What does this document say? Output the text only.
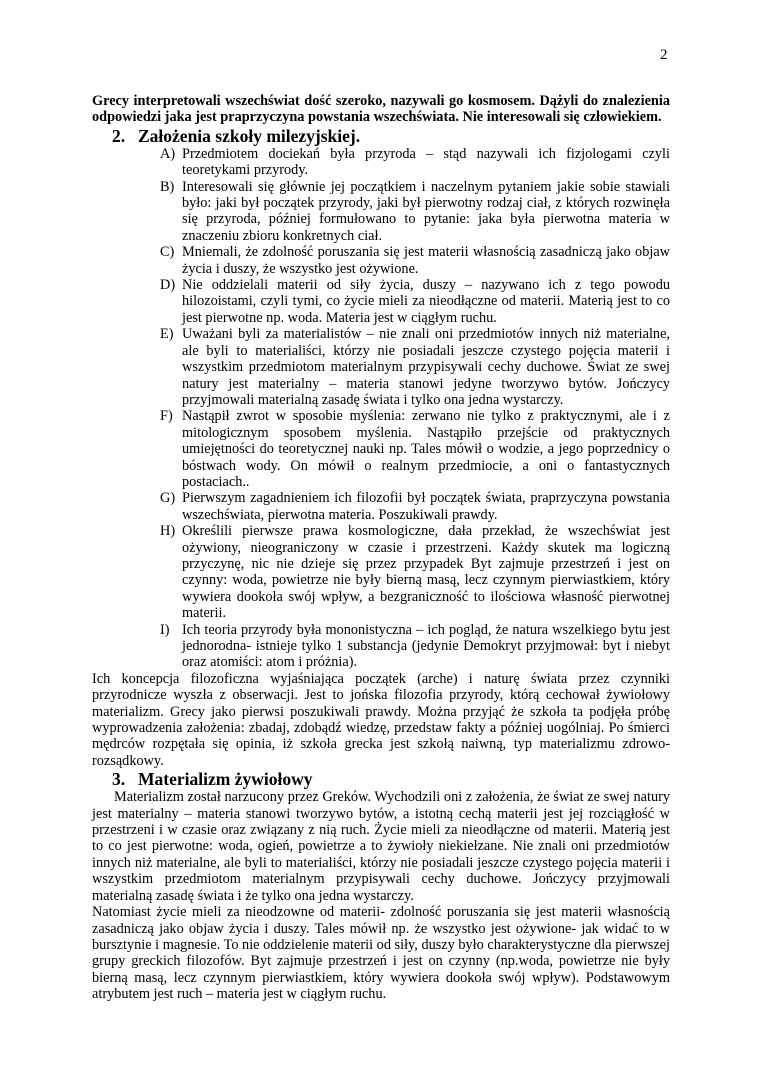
2

Grecy interpretowali wszechświat dość szeroko, nazywali go kosmosem. Dążyli do znalezienia odpowiedzi jaka jest praprzyczyna powstania wszechświata. Nie interesowali się człowiekiem.

2. Założenia szkoły milezyjskiej.
A) Przedmiotem dociekań była przyroda – stąd nazywali ich fizjologami czyli teoretykami przyrody.
B) Interesowali się głównie jej początkiem i naczelnym pytaniem jakie sobie stawiali było: jaki był początek przyrody, jaki był pierwotny rodzaj ciał, z których rozwinęła się przyroda, później formułowano to pytanie: jaka była pierwotna materia w znaczeniu zbioru konkretnych ciał.
C) Mniemali, że zdolność poruszania się jest materii własnością zasadniczą jako objaw życia i duszy, że wszystko jest ożywione.
D) Nie oddzielali materii od siły życia, duszy – nazywano ich z tego powodu hilozoistami, czyli tymi, co życie mieli za nieodłączne od materii. Materią jest to co jest pierwotne np. woda. Materia jest w ciągłym ruchu.
E) Uważani byli za materialistów – nie znali oni przedmiotów innych niż materialne, ale byli to materialiści, którzy nie posiadali jeszcze czystego pojęcia materii i wszystkim przedmiotom materialnym przypisywali cechy duchowe. Świat ze swej natury jest materialny – materia stanowi jedyne tworzywo bytów. Jończycy przyjmowali materialną zasadę świata i tylko ona jedna wystarczy.
F) Nastąpił zwrot w sposobie myślenia: zerwano nie tylko z praktycznymi, ale i z mitologicznym sposobem myślenia. Nastąpiło przejście od praktycznych umiejętności do teoretycznej nauki np. Tales mówił o wodzie, a jego poprzednicy o bóstwach wody. On mówił o realnym przedmiocie, a oni o fantastycznych postaciach..
G) Pierwszym zagadnieniem ich filozofii był początek świata, praprzyczyna powstania wszechświata, pierwotna materia. Poszukiwali prawdy.
H) Określili pierwsze prawa kosmologiczne, dała przekład, że wszechświat jest ożywiony, nieograniczony w czasie i przestrzeni. Każdy skutek ma logiczną przyczynę, nic nie dzieje się przez przypadek Byt zajmuje przestrzeń i jest on czynny: woda, powietrze nie były bierną masą, lecz czynnym pierwiastkiem, który wywiera dookoła swój wpływ, a bezgraniczność to ilościowa własność pierwotnej materii.
I) Ich teoria przyrody była mononistyczna – ich pogląd, że natura wszelkiego bytu jest jednorodna- istnieje tylko 1 substancja (jedynie Demokryt przyjmował: byt i niebyt oraz atomiści: atom i próżnia).

Ich koncepcja filozoficzna wyjaśniająca początek (arche) i naturę świata przez czynniki przyrodnicze wyszła z obserwacji. Jest to jońska filozofia przyrody, którą cechował żywiołowy materializm. Grecy jako pierwsi poszukiwali prawdy. Można przyjąć że szkoła ta podjęła próbę wyprowadzenia założenia: zbadaj, zdobądź wiedzę, przedstaw fakty a później uogólniaj. Po śmierci mędrców rozpętała się opinia, iż szkoła grecka jest szkołą naiwną, typ materializmu zdrowo-rozsądkowy.

3. Materializm żywiołowy

Materializm został narzucony przez Greków. Wychodzili oni z założenia, że świat ze swej natury jest materialny – materia stanowi tworzywo bytów, a istotną cechą materii jest jej rozciągłość w przestrzeni i w czasie oraz związany z nią ruch. Życie mieli za nieodłączne od materii. Materią jest to co jest pierwotne: woda, ogień, powietrze a to żywioły niekiełzane. Nie znali oni przedmiotów innych niż materialne, ale byli to materialiści, którzy nie posiadali jeszcze czystego pojęcia materii i wszystkim przedmiotom materialnym przypisywali cechy duchowe. Jończycy przyjmowali materialną zasadę świata i że tylko ona jedna wystarczy.

Natomiast życie mieli za nieodzowne od materii- zdolność poruszania się jest materii własnością zasadniczą jako objaw życia i duszy. Tales mówił np. że wszystko jest ożywione- jak widać to w bursztynie i magnesie. To nie oddzielenie materii od siły, duszy było charakterystyczne dla pierwszej grupy greckich filozofów. Byt zajmuje przestrzeń i jest on czynny (np.woda, powietrze nie były bierną masą, lecz czynnym pierwiastkiem, który wywiera dookoła swój wpływ). Podstawowym atrybutem jest ruch – materia jest w ciągłym ruchu.
